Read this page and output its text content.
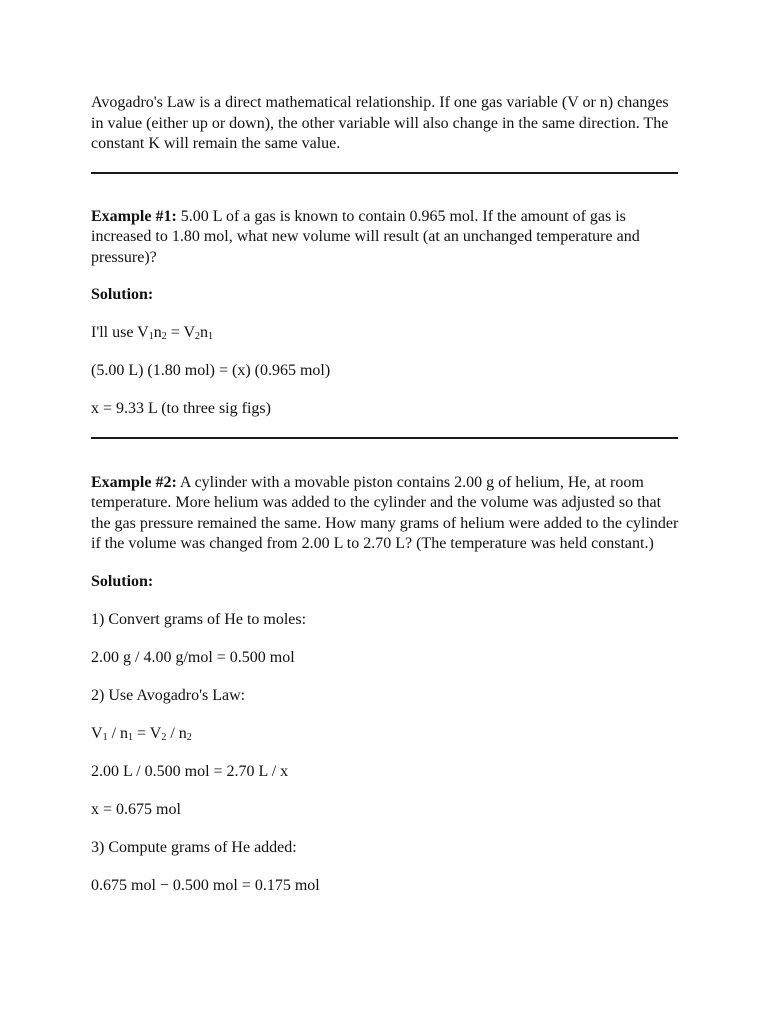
Avogadro's Law is a direct mathematical relationship. If one gas variable (V or n) changes in value (either up or down), the other variable will also change in the same direction. The constant K will remain the same value.

Example #1: 5.00 L of a gas is known to contain 0.965 mol. If the amount of gas is increased to 1.80 mol, what new volume will result (at an unchanged temperature and pressure)?

Solution:

I'll use $V_1n_2 = V_2n_1$

(5.00 L) (1.80 mol) = (x) (0.965 mol)

x = 9.33 L (to three sig figs)

Example #2: A cylinder with a movable piston contains 2.00 g of helium, He, at room temperature. More helium was added to the cylinder and the volume was adjusted so that the gas pressure remained the same. How many grams of helium were added to the cylinder if the volume was changed from 2.00 L to 2.70 L? (The temperature was held constant.)

Solution:

1) Convert grams of He to moles:

2.00 g / 4.00 g/mol = 0.500 mol

2) Use Avogadro's Law:

$V_1 / n_1 = V_2 / n_2$

2.00 L / 0.500 mol = 2.70 L / x

x = 0.675 mol

3) Compute grams of He added:

0.675 mol − 0.500 mol = 0.175 mol
